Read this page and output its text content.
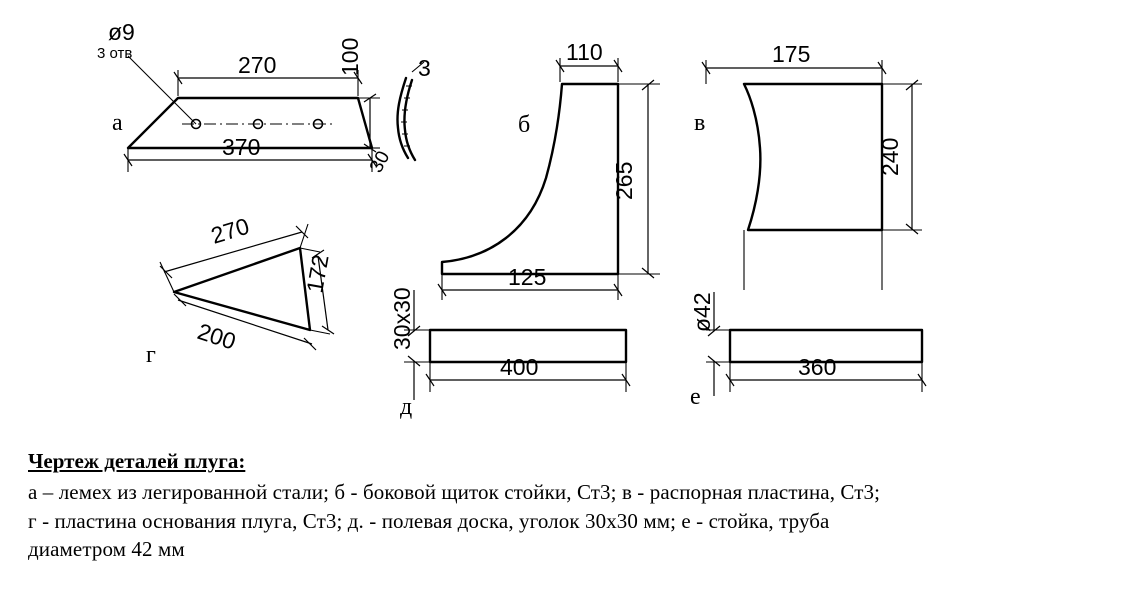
ø9
3 отв	270	100
370
а
3
30
110
265
125
б
175
240
в
270
200
172
г
30х30
400
д
ø42
360
е

Чертеж деталей плуга:

а – лемех из легированной стали; б - боковой щиток стойки, Ст3; в - распорная пластина, Ст3;

г - пластина основания плуга, Ст3; д. - полевая доска, уголок 30х30 мм; е - стойка, труба

диаметром 42 мм
